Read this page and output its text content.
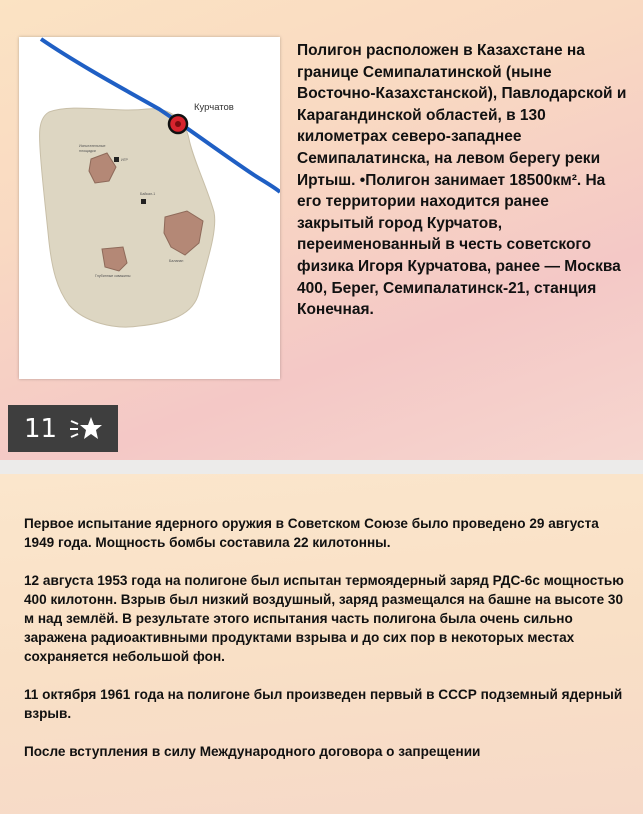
Курчатов
Испытательные площадки
ИГР
Байкал-1
Балапан
Глубинные скважины

Полигон расположен в Казахстане на границе Семипалатинской (ныне Восточно-Казахстанской), Павлодарской и Карагандинской областей, в 130 километрах северо-западнее Семипалатинска, на левом берегу реки Иртыш. •Полигон занимает 18500км². На его территории находится ранее закрытый город Курчатов, переименованный в честь советского физика Игоря Курчатова, ранее — Москва 400, Берег, Семипалатинск-21, станция Конечная.

11

Первое испытание ядерного оружия в Советском Союзе было проведено 29 августа 1949 года. Мощность бомбы составила 22 килотонны.

12 августа 1953 года на полигоне был испытан термоядерный заряд РДС-6с мощностью 400 килотонн. Взрыв был низкий воздушный, заряд размещался на башне на высоте 30 м над землёй. В результате этого испытания часть полигона была очень сильно заражена радиоактивными продуктами взрыва и до сих пор в некоторых местах сохраняется небольшой фон.

11 октября 1961 года на полигоне был произведен первый в СССР подземный ядерный взрыв.

После вступления в силу Международного договора о запрещении
